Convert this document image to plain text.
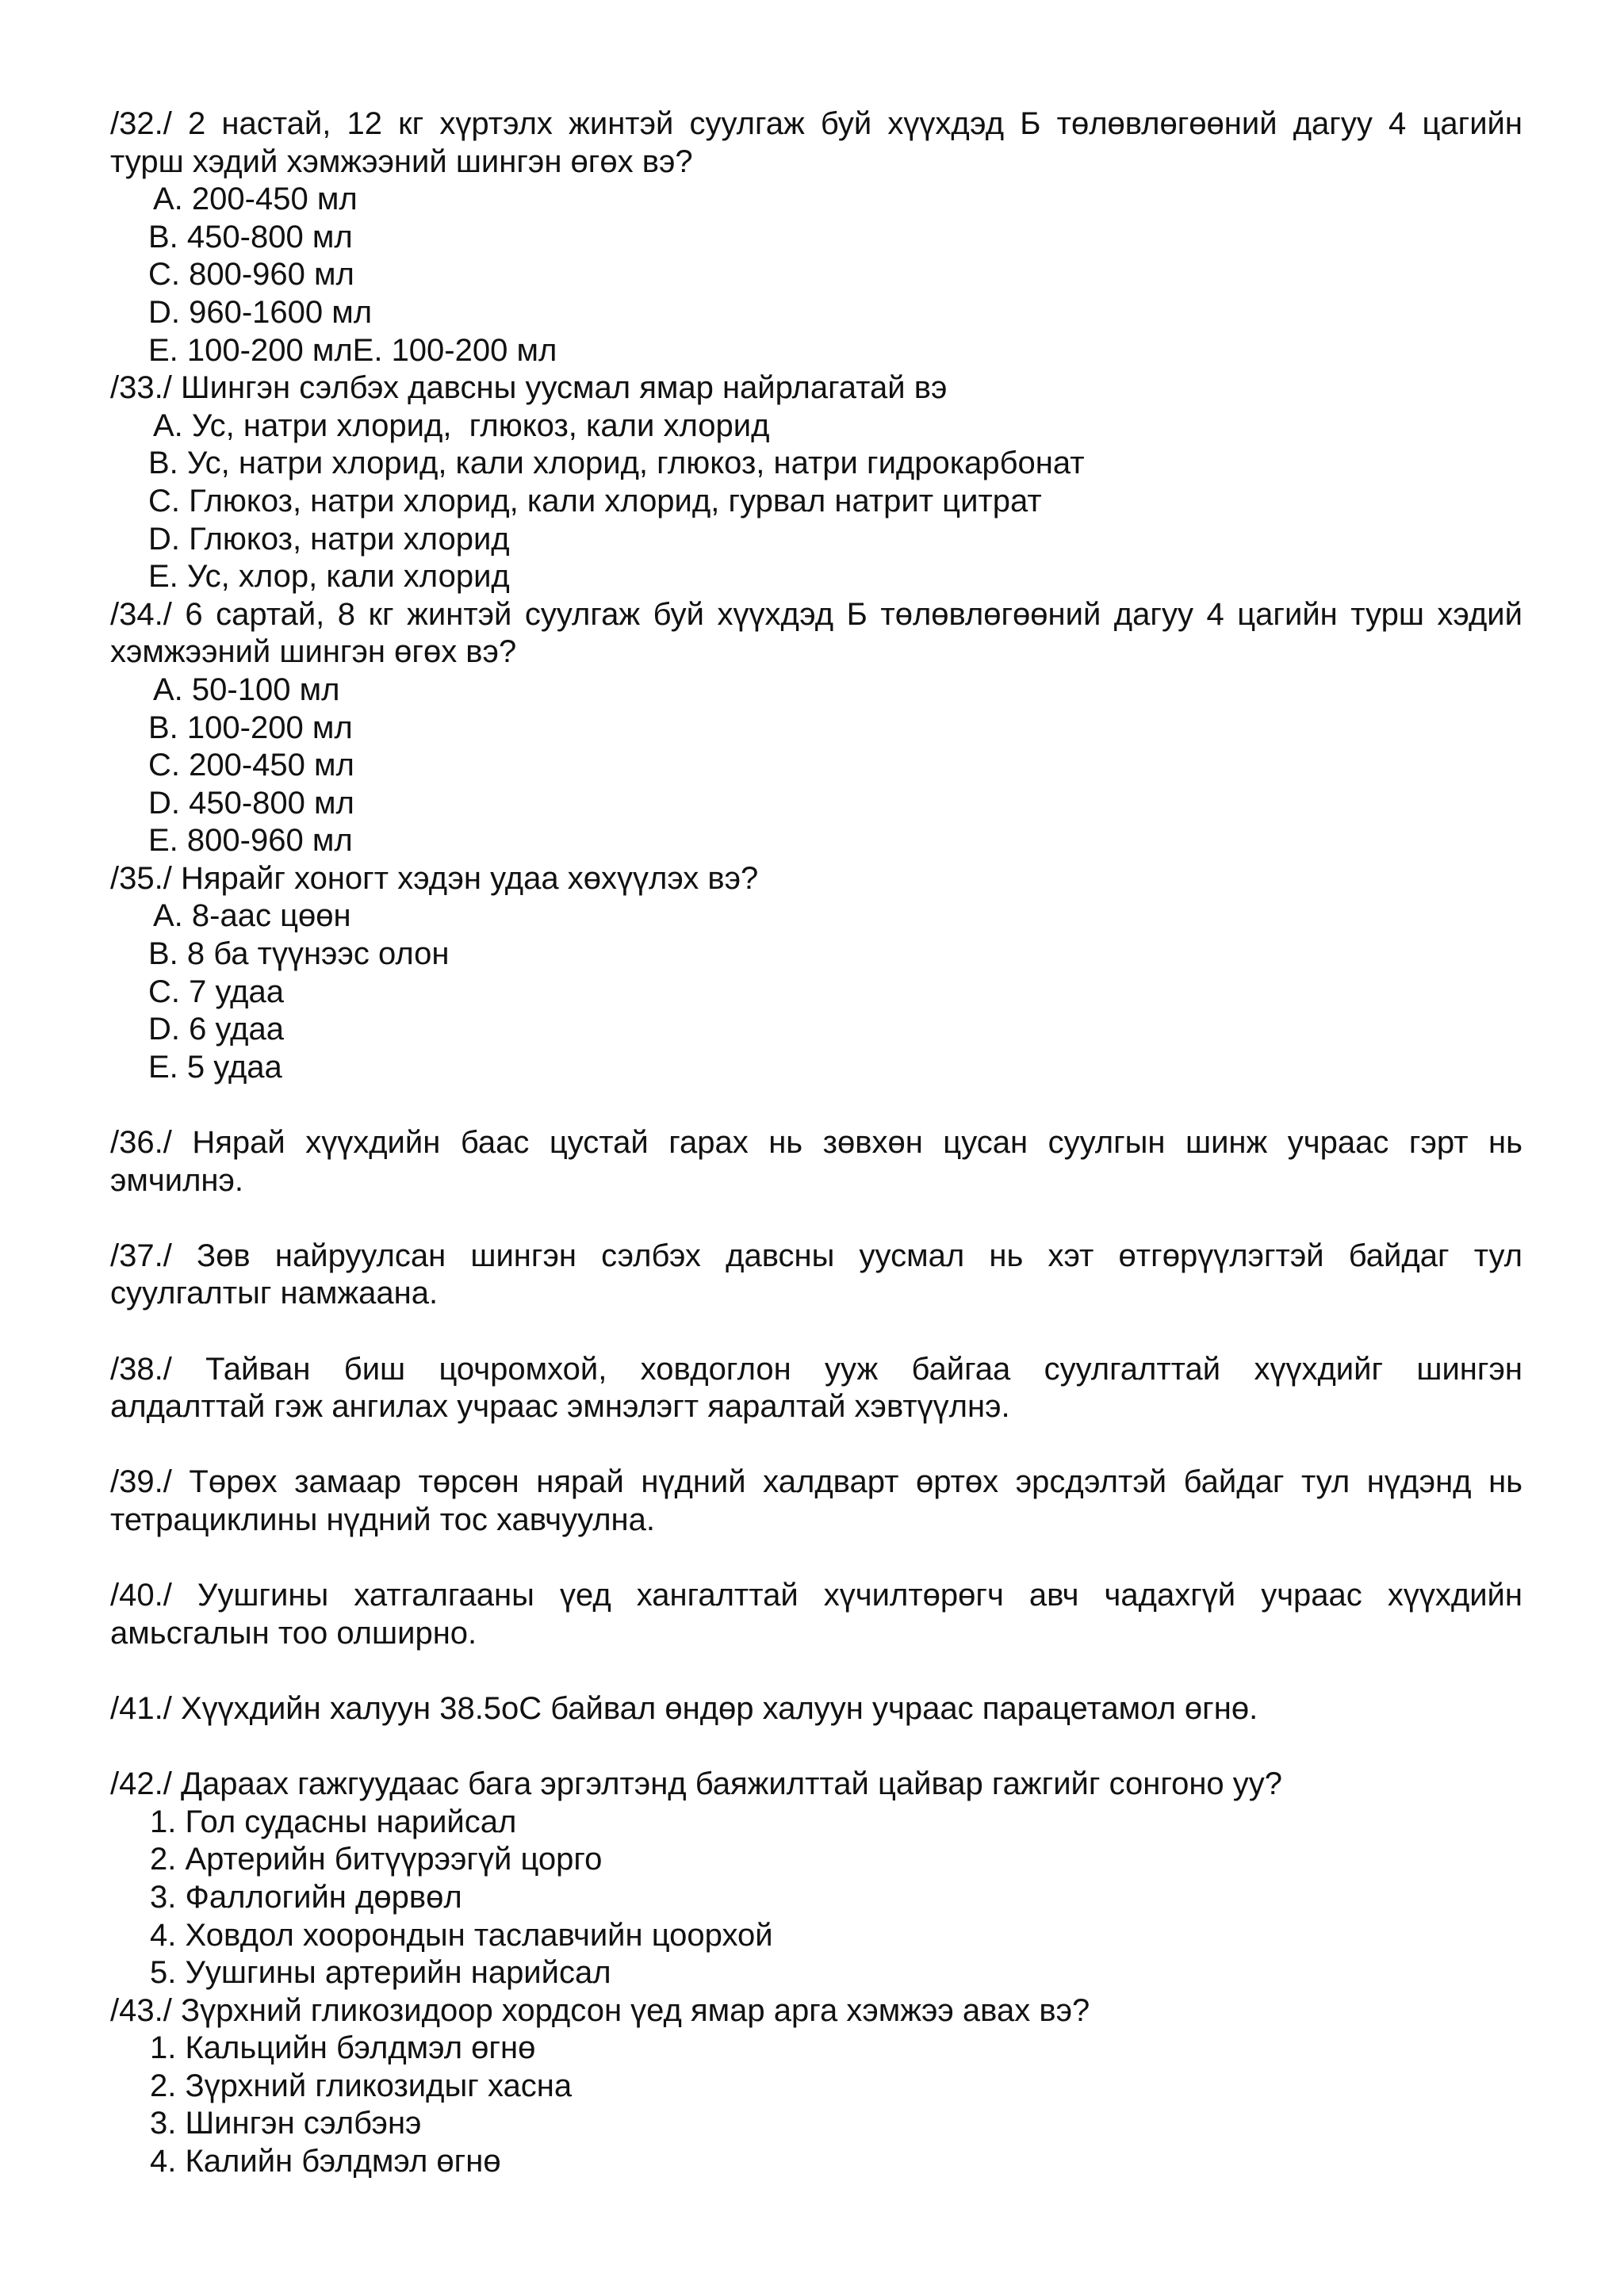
/32./ 2 настай, 12 кг хүртэлх жинтэй суулгаж буй хүүхдэд Б төлөвлөгөөний дагуу 4 цагийн
турш хэдий хэмжээний шингэн өгөх вэ?

A. 200-450 мл

B. 450-800 мл

C. 800-960 мл

D. 960-1600 мл

E. 100-200 млE. 100-200 мл

/33./ Шингэн сэлбэх давсны уусмал ямар найрлагатай вэ

A. Ус, натри хлорид,  глюкоз, кали хлорид

B. Ус, натри хлорид, кали хлорид, глюкоз, натри гидрокарбонат

C. Глюкоз, натри хлорид, кали хлорид, гурвал натрит цитрат

D. Глюкоз, натри хлорид

E. Ус, хлор, кали хлорид

/34./ 6 сартай, 8 кг жинтэй суулгаж буй хүүхдэд Б төлөвлөгөөний дагуу 4 цагийн турш хэдий
хэмжээний шингэн өгөх вэ?

A. 50-100 мл

B. 100-200 мл

C. 200-450 мл

D. 450-800 мл

E. 800-960 мл

/35./ Нярайг хоногт хэдэн удаа хөхүүлэх вэ?

A. 8-аас цөөн

B. 8 ба түүнээс олон

C. 7 удаа

D. 6 удаа

E. 5 удаа

/36./ Нярай хүүхдийн баас цустай гарах нь зөвхөн цусан суулгын шинж учраас гэрт нь
эмчилнэ.

/37./ Зөв найруулсан шингэн сэлбэх давсны уусмал нь хэт өтгөрүүлэгтэй байдаг тул
суулгалтыг намжаана.

/38./ Тайван биш цочромхой, ховдоглон ууж байгаа суулгалттай хүүхдийг шингэн
алдалттай гэж ангилах учраас эмнэлэгт яаралтай хэвтүүлнэ.

/39./ Төрөх замаар төрсөн нярай нүдний халдварт өртөх эрсдэлтэй байдаг тул нүдэнд нь
тетрациклины нүдний тос хавчуулна.

/40./ Уушгины хатгалгааны үед хангалттай хүчилтөрөгч авч чадахгүй учраас хүүхдийн
амьсгалын тоо олширно.

/41./ Хүүхдийн халуун 38.5oC байвал өндөр халуун учраас парацетамол өгнө.

/42./ Дараах гажгуудаас бага эргэлтэнд баяжилттай цайвар гажгийг сонгоно уу?

1. Гол судасны нарийсал

2. Артерийн битүүрээгүй цорго

3. Фаллогийн дөрвөл

4. Ховдол хоорондын таславчийн цоорхой

5. Уушгины артерийн нарийсал

/43./ Зүрхний гликозидоор хордсон үед ямар арга хэмжээ авах вэ?

1. Кальцийн бэлдмэл өгнө

2. Зүрхний гликозидыг хасна

3. Шингэн сэлбэнэ

4. Калийн бэлдмэл өгнө
